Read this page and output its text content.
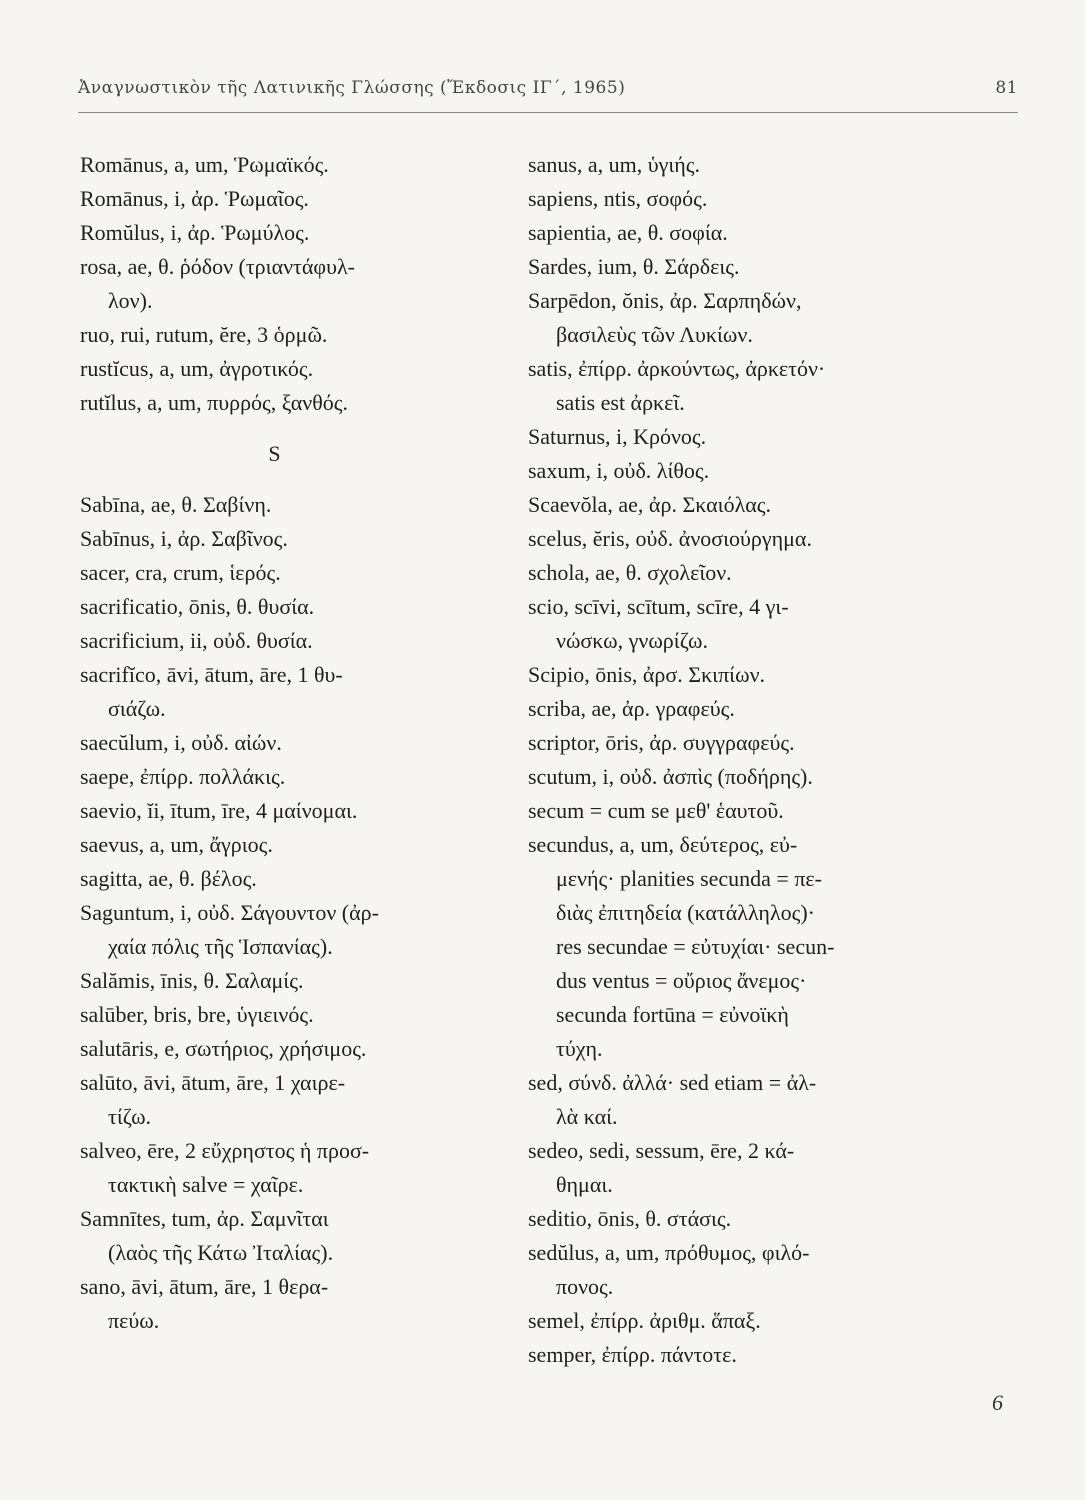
Ἀναγνωστικὸν τῆς Λατινικῆς Γλώσσης (Ἔκδοσις ΙΓ΄, 1965)	81
Romānus, a, um, Ῥωμαϊκός.
Romānus, i, ἀρ. Ῥωμαῖος.
Romŭlus, i, ἀρ. Ῥωμύλος.
rosa, ae, θ. ῥόδον (τριαντάφυλ-
λον).
ruo, rui, rutum, ĕre, 3 ὁρμῶ.
rustĭcus, a, um, ἀγροτικός.
rutĭlus, a, um, πυρρός, ξανθός.
S
Sabīna, ae, θ. Σαβίνη.
Sabīnus, i, ἀρ. Σαβῖνος.
sacer, cra, crum, ἱερός.
sacrificatio, ōnis, θ. θυσία.
sacrificium, ii, οὐδ. θυσία.
sacrifĭco, āvi, ātum, āre, 1 θυ-
σιάζω.
saecŭlum, i, οὐδ. αἰών.
saepe, ἐπίρρ. πολλάκις.
saevio, ĭi, ītum, īre, 4 μαίνομαι.
saevus, a, um, ἄγριος.
sagitta, ae, θ. βέλος.
Saguntum, i, οὐδ. Σάγουντον (ἀρ-
χαία πόλις τῆς Ἱσπανίας).
Salămis, īnis, θ. Σαλαμίς.
salūber, bris, bre, ὑγιεινός.
salutāris, e, σωτήριος, χρήσιμος.
salūto, āvi, ātum, āre, 1 χαιρε-
τίζω.
salveo, ēre, 2 εὔχρηστος ἡ προσ-
τακτικὴ salve = χαῖρε.
Samnītes, tum, ἀρ. Σαμνῖται
(λαὸς τῆς Κάτω Ἰταλίας).
sano, āvi, ātum, āre, 1 θερα-
πεύω.
sanus, a, um, ὑγιής.
sapiens, ntis, σοφός.
sapientia, ae, θ. σοφία.
Sardes, ium, θ. Σάρδεις.
Sarpēdon, ŏnis, ἀρ. Σαρπηδών,
βασιλεὺς τῶν Λυκίων.
satis, ἐπίρρ. ἀρκούντως, ἀρκετόν·
satis est ἀρκεῖ.
Saturnus, i, Κρόνος.
saxum, i, οὐδ. λίθος.
Scaevŏla, ae, ἀρ. Σκαιόλας.
scelus, ĕris, οὐδ. ἀνοσιούργημα.
schola, ae, θ. σχολεῖον.
scio, scīvi, scītum, scīre, 4 γι-
νώσκω, γνωρίζω.
Scipio, ōnis, ἀρσ. Σκιπίων.
scriba, ae, ἀρ. γραφεύς.
scriptor, ōris, ἀρ. συγγραφεύς.
scutum, i, οὐδ. ἀσπὶς (ποδήρης).
secum = cum se μεθ' ἑαυτοῦ.
secundus, a, um, δεύτερος, εὐ-
μενής· planities secunda = πε-
διὰς ἐπιτηδεία (κατάλληλος)·
res secundae = εὐτυχίαι· secun-
dus ventus = οὔριος ἄνεμος·
secunda fortūna = εὐνοϊκὴ
τύχη.
sed, σύνδ. ἀλλά· sed etiam = ἀλ-
λὰ καί.
sedeo, sedi, sessum, ēre, 2 κά-
θημαι.
seditio, ōnis, θ. στάσις.
sedŭlus, a, um, πρόθυμος, φιλό-
πονος.
semel, ἐπίρρ. ἀριθμ. ἅπαξ.
semper, ἐπίρρ. πάντοτε.
6
